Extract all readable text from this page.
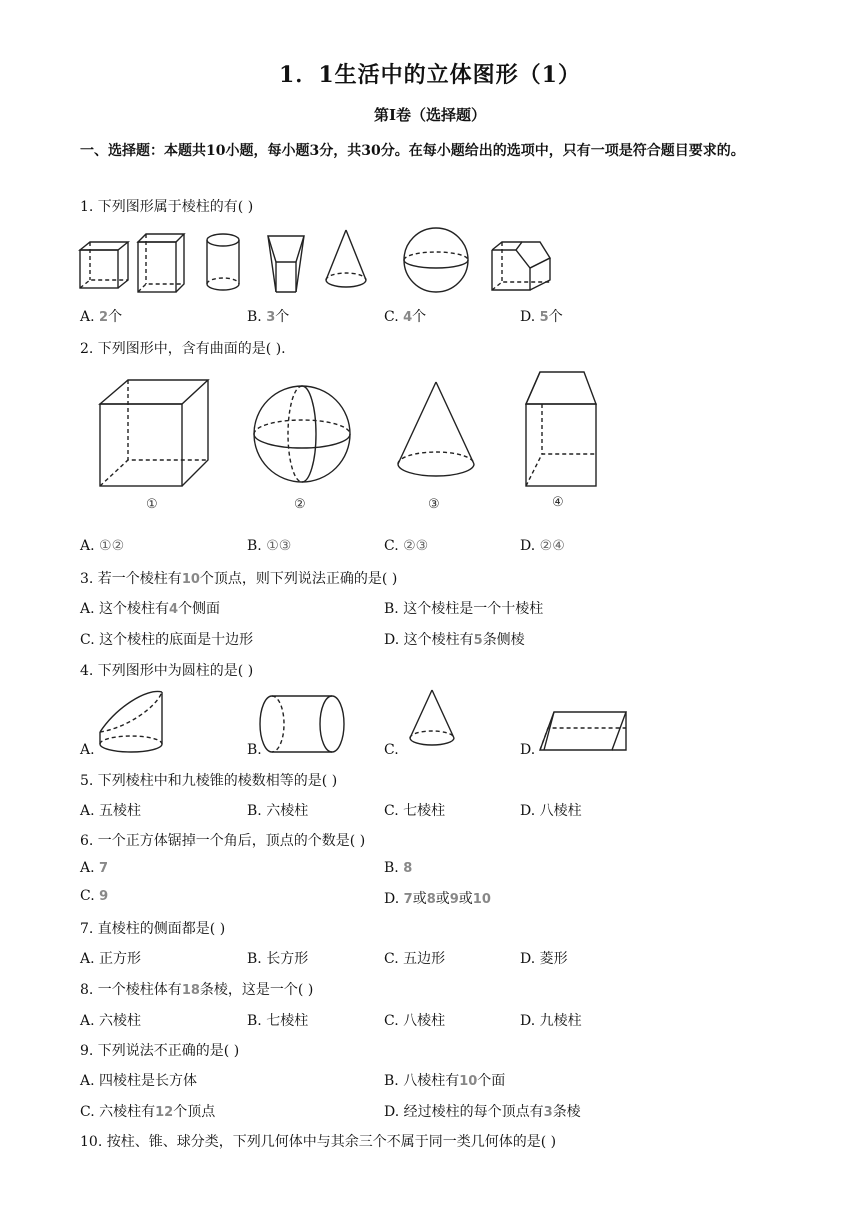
1．1生活中的立体图形（1）
第Ⅰ卷（选择题）
一、选择题：本题共10小题，每小题3分，共30分。在每小题给出的选项中，只有一项是符合题目要求的。
1. 下列图形属于棱柱的有( )
A. 2个	B. 3个	C. 4个	D. 5个
2. 下列图形中，含有曲面的是( ).
①	②	③	④
A. ①②	B. ①③	C. ②③	D. ②④
3. 若一个棱柱有10个顶点，则下列说法正确的是( )
A. 这个棱柱有4个侧面	B. 这个棱柱是一个十棱柱
C. 这个棱柱的底面是十边形	D. 这个棱柱有5条侧棱
4. 下列图形中为圆柱的是( )
A.	B.	C.	D.
5. 下列棱柱中和九棱锥的棱数相等的是( )
A. 五棱柱	B. 六棱柱	C. 七棱柱	D. 八棱柱
6. 一个正方体锯掉一个角后，顶点的个数是( )
A. 7	B. 8
C. 9	D. 7或8或9或10
7. 直棱柱的侧面都是( )
A. 正方形	B. 长方形	C. 五边形	D. 菱形
8. 一个棱柱体有18条棱，这是一个( )
A. 六棱柱	B. 七棱柱	C. 八棱柱	D. 九棱柱
9. 下列说法不正确的是( )
A. 四棱柱是长方体	B. 八棱柱有10个面
C. 六棱柱有12个顶点	D. 经过棱柱的每个顶点有3条棱
10. 按柱、锥、球分类，下列几何体中与其余三个不属于同一类几何体的是( )
